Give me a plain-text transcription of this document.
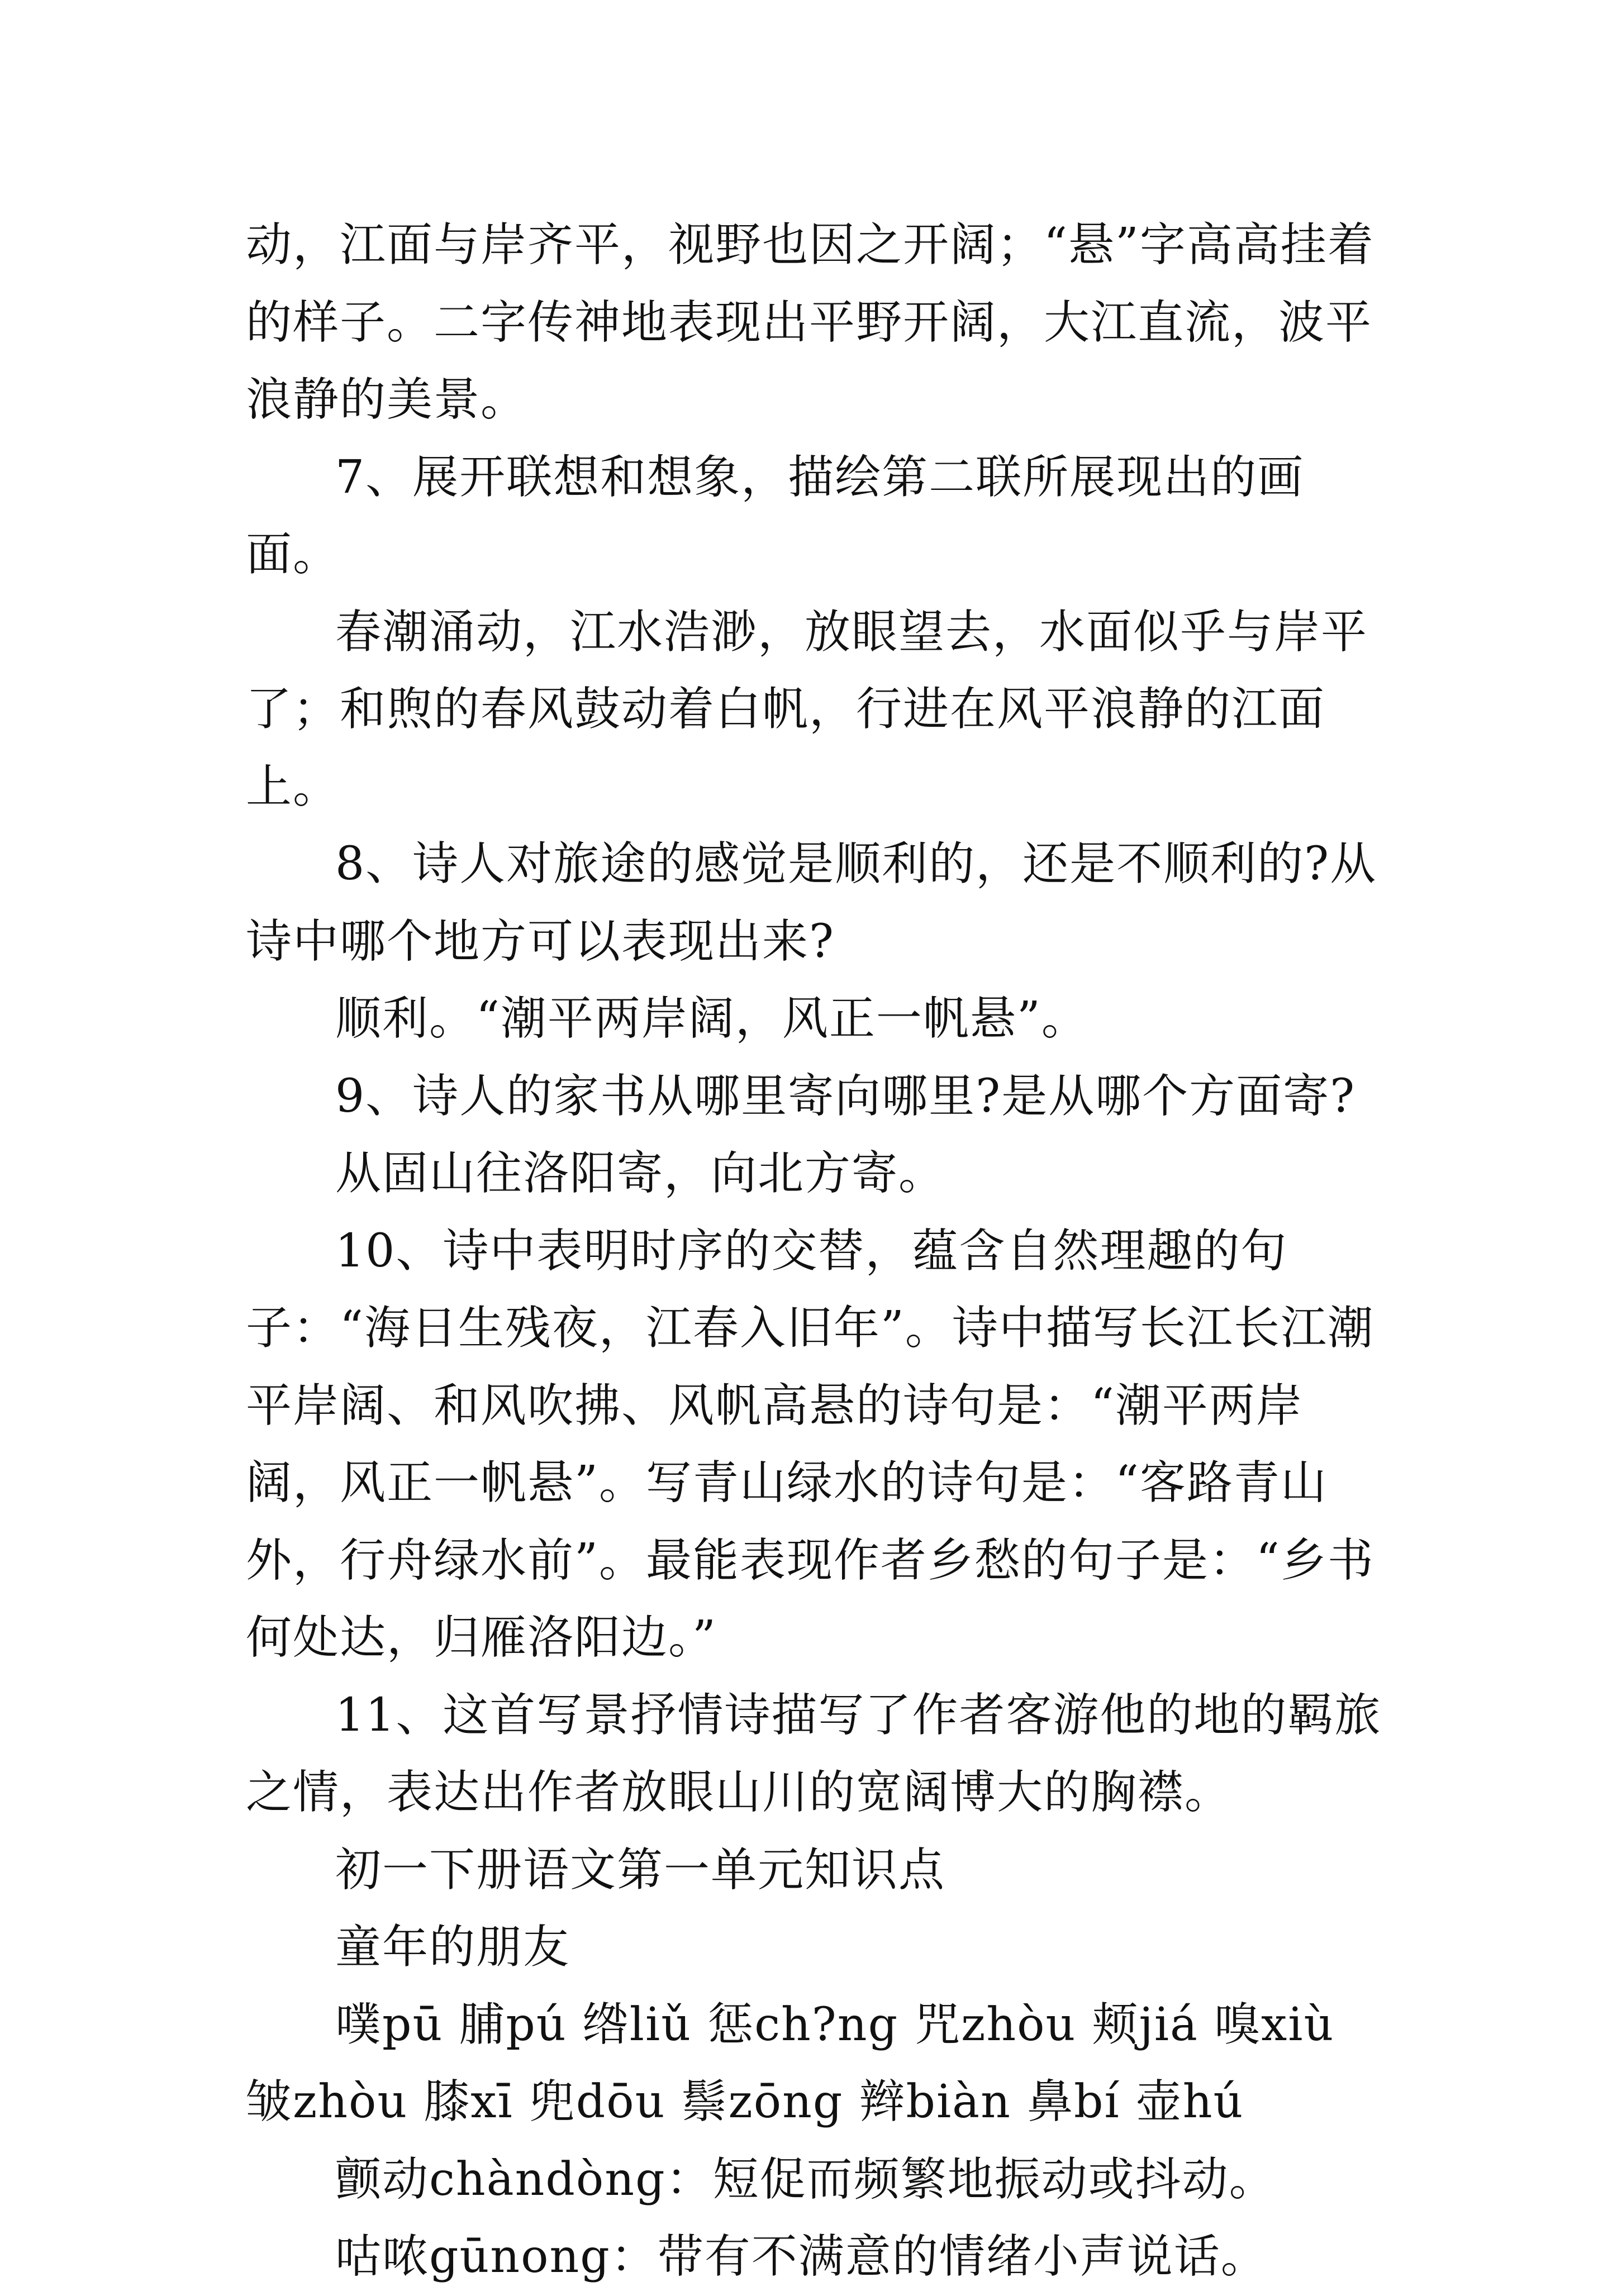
动，江面与岸齐平，视野也因之开阔；“悬”字高高挂着的样子。二字传神地表现出平野开阔，大江直流，波平浪静的美景。

7、展开联想和想象，描绘第二联所展现出的画面。

春潮涌动，江水浩渺，放眼望去，水面似乎与岸平了；和煦的春风鼓动着白帆，行进在风平浪静的江面上。

8、诗人对旅途的感觉是顺利的，还是不顺利的?从诗中哪个地方可以表现出来?

顺利。“潮平两岸阔，风正一帆悬”。

9、诗人的家书从哪里寄向哪里?是从哪个方面寄?

从固山往洛阳寄，向北方寄。

10、诗中表明时序的交替，蕴含自然理趣的句子：“海日生残夜，江春入旧年”。诗中描写长江长江潮平岸阔、和风吹拂、风帆高悬的诗句是：“潮平两岸阔，风正一帆悬”。写青山绿水的诗句是：“客路青山外，行舟绿水前”。最能表现作者乡愁的句子是：“乡书何处达，归雁洛阳边。”

11、这首写景抒情诗描写了作者客游他的地的羁旅之情，表达出作者放眼山川的宽阔博大的胸襟。

初一下册语文第一单元知识点

童年的朋友

噗pū 脯pú 绺liǔ 惩ch?ng 咒zhòu 颊jiá 嗅xiù 皱zhòu 膝xī 兜dōu 鬃zōng 辫biàn 鼻bí 壶hú

颤动chàndòng：短促而频繁地振动或抖动。

咕哝gūnong：带有不满意的情绪小声说话。
